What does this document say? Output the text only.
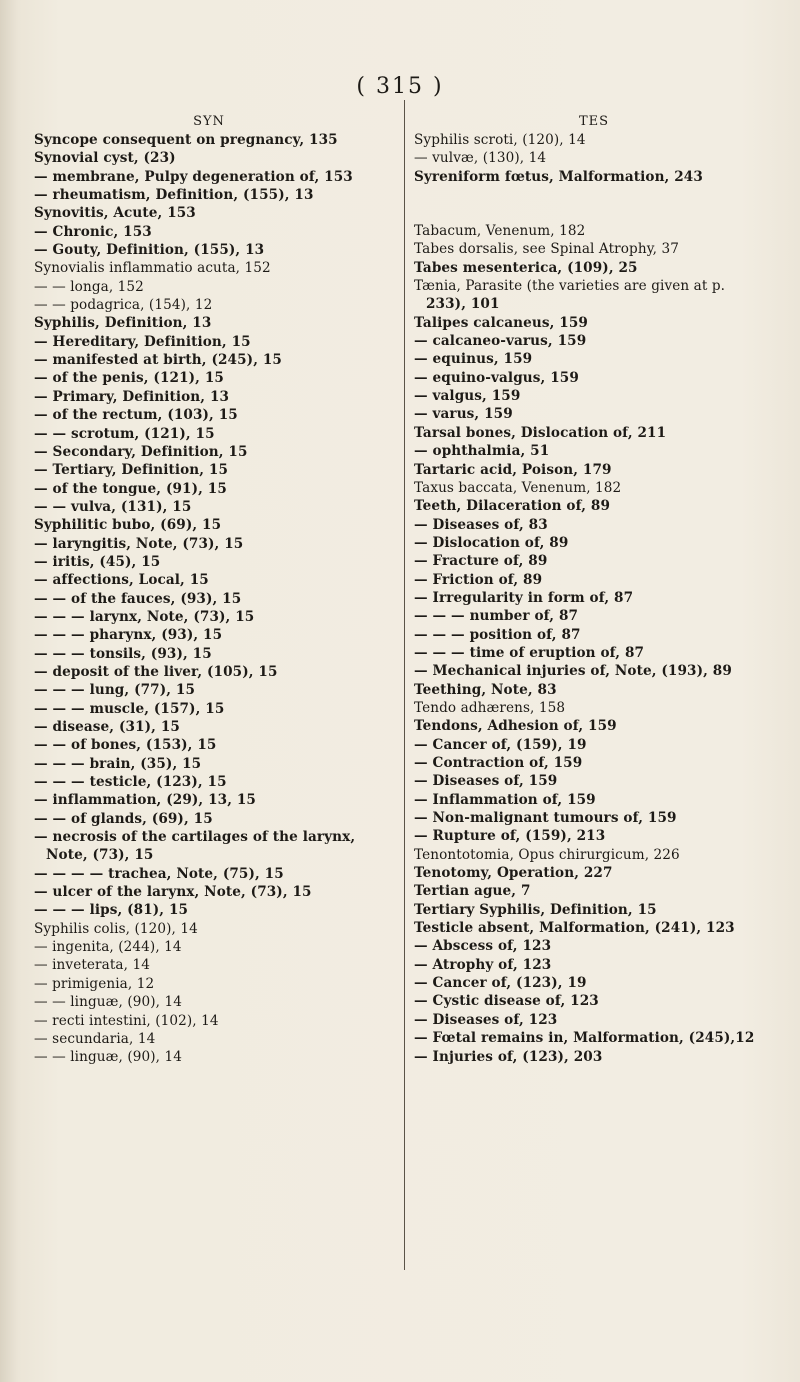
( 315 )
SYN
Syncope consequent on pregnancy, 135
Synovial cyst, (23)
— membrane, Pulpy degeneration of, 153
— rheumatism, Definition, (155), 13
Synovitis, Acute, 153
— Chronic, 153
— Gouty, Definition, (155), 13
Synovialis inflammatio acuta, 152
— — longa, 152
— — podagrica, (154), 12
Syphilis, Definition, 13
— Hereditary, Definition, 15
— manifested at birth, (245), 15
— of the penis, (121), 15
— Primary, Definition, 13
— of the rectum, (103), 15
— — scrotum, (121), 15
— Secondary, Definition, 15
— Tertiary, Definition, 15
— of the tongue, (91), 15
— — vulva, (131), 15
Syphilitic bubo, (69), 15
— laryngitis, Note, (73), 15
— iritis, (45), 15
— affections, Local, 15
— — of the fauces, (93), 15
— — — larynx, Note, (73), 15
— — — pharynx, (93), 15
— — — tonsils, (93), 15
— deposit of the liver, (105), 15
— — — lung, (77), 15
— — — muscle, (157), 15
— disease, (31), 15
— — of bones, (153), 15
— — — brain, (35), 15
— — — testicle, (123), 15
— inflammation, (29), 13, 15
— — of glands, (69), 15
— necrosis of the cartilages of the larynx,
Note, (73), 15
— — — — trachea, Note, (75), 15
— ulcer of the larynx, Note, (73), 15
— — — lips, (81), 15
Syphilis colis, (120), 14
— ingenita, (244), 14
— inveterata, 14
— primigenia, 12
— — linguæ, (90), 14
— recti intestini, (102), 14
— secundaria, 14
— — linguæ, (90), 14
TES
Syphilis scroti, (120), 14
— vulvæ, (130), 14
Syreniform fœtus, Malformation, 243
Tabacum, Venenum, 182
Tabes dorsalis, see Spinal Atrophy, 37
Tabes mesenterica, (109), 25
Tænia, Parasite (the varieties are given at p.
233), 101
Talipes calcaneus, 159
— calcaneo-varus, 159
— equinus, 159
— equino-valgus, 159
— valgus, 159
— varus, 159
Tarsal bones, Dislocation of, 211
— ophthalmia, 51
Tartaric acid, Poison, 179
Taxus baccata, Venenum, 182
Teeth, Dilaceration of, 89
— Diseases of, 83
— Dislocation of, 89
— Fracture of, 89
— Friction of, 89
— Irregularity in form of, 87
— — — number of, 87
— — — position of, 87
— — — time of eruption of, 87
— Mechanical injuries of, Note, (193), 89
Teething, Note, 83
Tendo adhærens, 158
Tendons, Adhesion of, 159
— Cancer of, (159), 19
— Contraction of, 159
— Diseases of, 159
— Inflammation of, 159
— Non-malignant tumours of, 159
— Rupture of, (159), 213
Tenontotomia, Opus chirurgicum, 226
Tenotomy, Operation, 227
Tertian ague, 7
Tertiary Syphilis, Definition, 15
Testicle absent, Malformation, (241), 123
— Abscess of, 123
— Atrophy of, 123
— Cancer of, (123), 19
— Cystic disease of, 123
— Diseases of, 123
— Fœtal remains in, Malformation, (245),12
— Injuries of, (123), 203
